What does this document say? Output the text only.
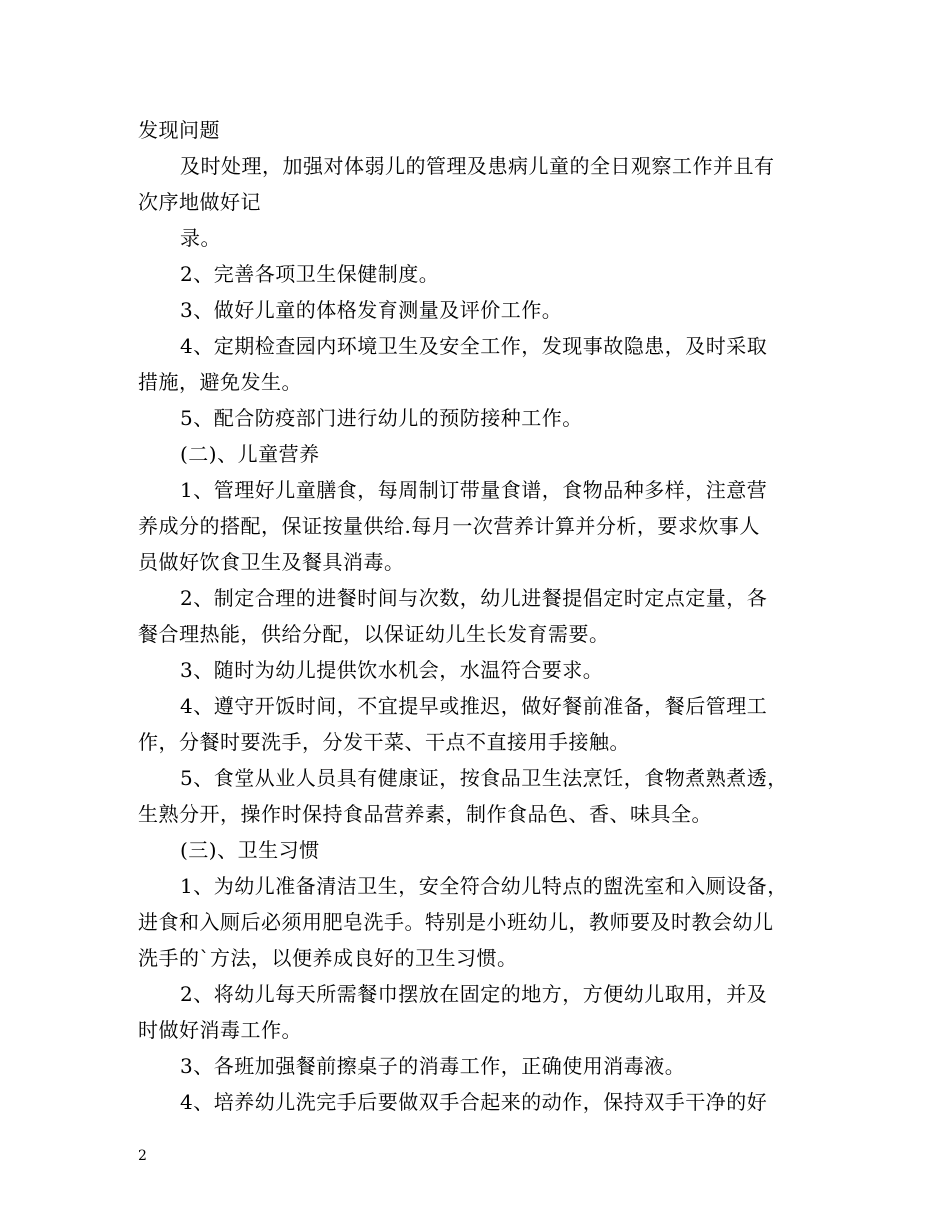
发现问题

及时处理，加强对体弱儿的管理及患病儿童的全日观察工作并且有

次序地做好记

录。

2、完善各项卫生保健制度。

3、做好儿童的体格发育测量及评价工作。

4、定期检查园内环境卫生及安全工作，发现事故隐患，及时采取

措施，避免发生。

5、配合防疫部门进行幼儿的预防接种工作。

(二)、儿童营养

1、管理好儿童膳食，每周制订带量食谱，食物品种多样，注意营

养成分的搭配，保证按量供给.每月一次营养计算并分析，要求炊事人

员做好饮食卫生及餐具消毒。

2、制定合理的进餐时间与次数，幼儿进餐提倡定时定点定量，各

餐合理热能，供给分配，以保证幼儿生长发育需要。

3、随时为幼儿提供饮水机会，水温符合要求。

4、遵守开饭时间，不宜提早或推迟，做好餐前准备，餐后管理工

作，分餐时要洗手，分发干菜、干点不直接用手接触。

5、食堂从业人员具有健康证，按食品卫生法烹饪，食物煮熟煮透，

生熟分开，操作时保持食品营养素，制作食品色、香、味具全。

(三)、卫生习惯

1、为幼儿准备清洁卫生，安全符合幼儿特点的盥洗室和入厕设备，

进食和入厕后必须用肥皂洗手。特别是小班幼儿，教师要及时教会幼儿

洗手的`方法，以便养成良好的卫生习惯。

2、将幼儿每天所需餐巾摆放在固定的地方，方便幼儿取用，并及

时做好消毒工作。

3、各班加强餐前擦桌子的消毒工作，正确使用消毒液。

4、培养幼儿洗完手后要做双手合起来的动作，保持双手干净的好

2
